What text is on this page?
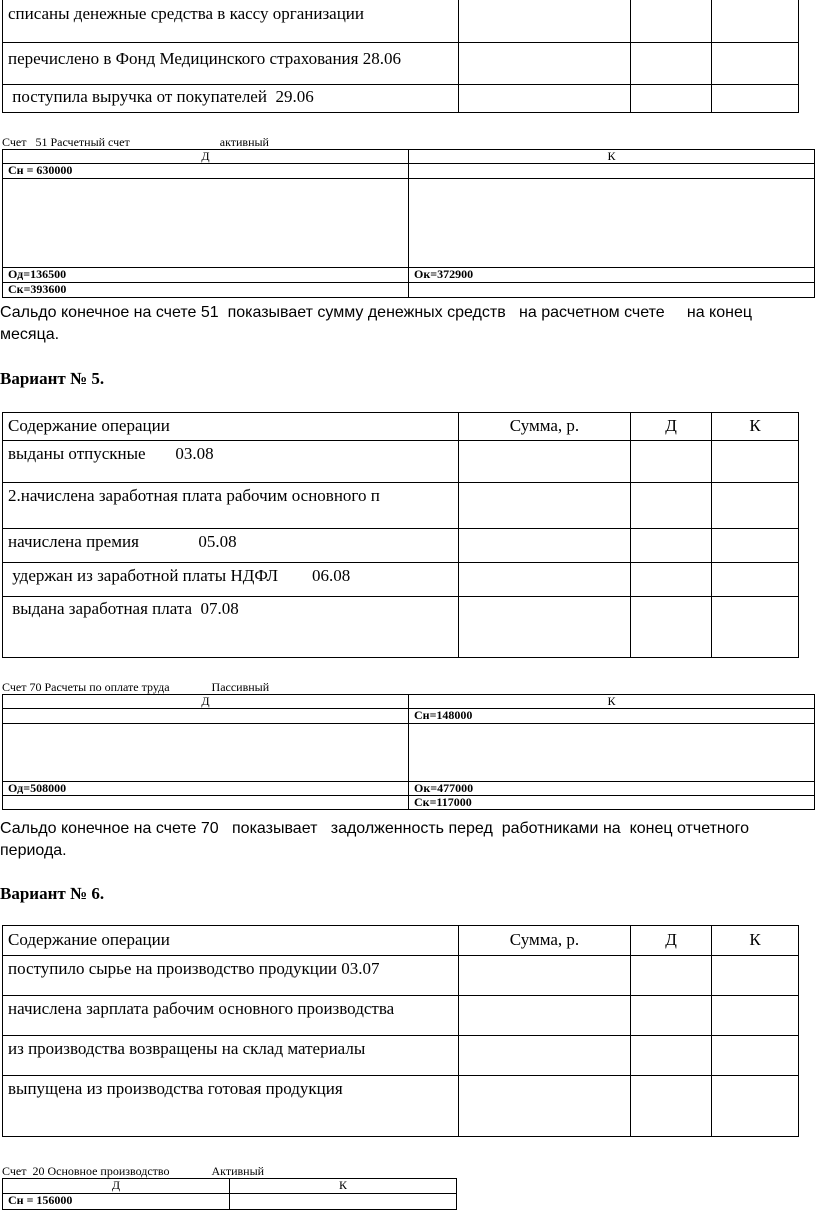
списаны денежные средства в кассу организации			
перечислено в Фонд Медицинского страхования 28.06			
поступила выручка от покупателей  29.06			
Счет   51 Расчетный счет                              активный
Д	К
Сн = 630000	

Од=136500	Ок=372900
Ск=393600	
Сальдо конечное на счете 51  показывает сумму денежных средств   на расчетном счете     на конец
месяца.
Вариант № 5.
Содержание операции	Сумма, р.	Д	К
выданы отпускные       03.08			
2.начислена заработная плата рабочим основного п			
начислена премия              05.08			
удержан из заработной платы НДФЛ        06.08			
выдана заработная плата  07.08			
Счет 70 Расчеты по оплате труда              Пассивный
Д	К
	Сн=148000

Од=508000	Ок=477000
	Ск=117000
Сальдо конечное на счете 70   показывает   задолженность перед  работниками на  конец отчетного
периода.
Вариант № 6.
Содержание операции	Сумма, р.	Д	К
поступило сырье на производство продукции 03.07			
начислена зарплата рабочим основного производства			
из производства возвращены на склад материалы			
выпущена из производства готовая продукция			
Счет  20 Основное производство              Активный
Д	К
Сн = 156000	
